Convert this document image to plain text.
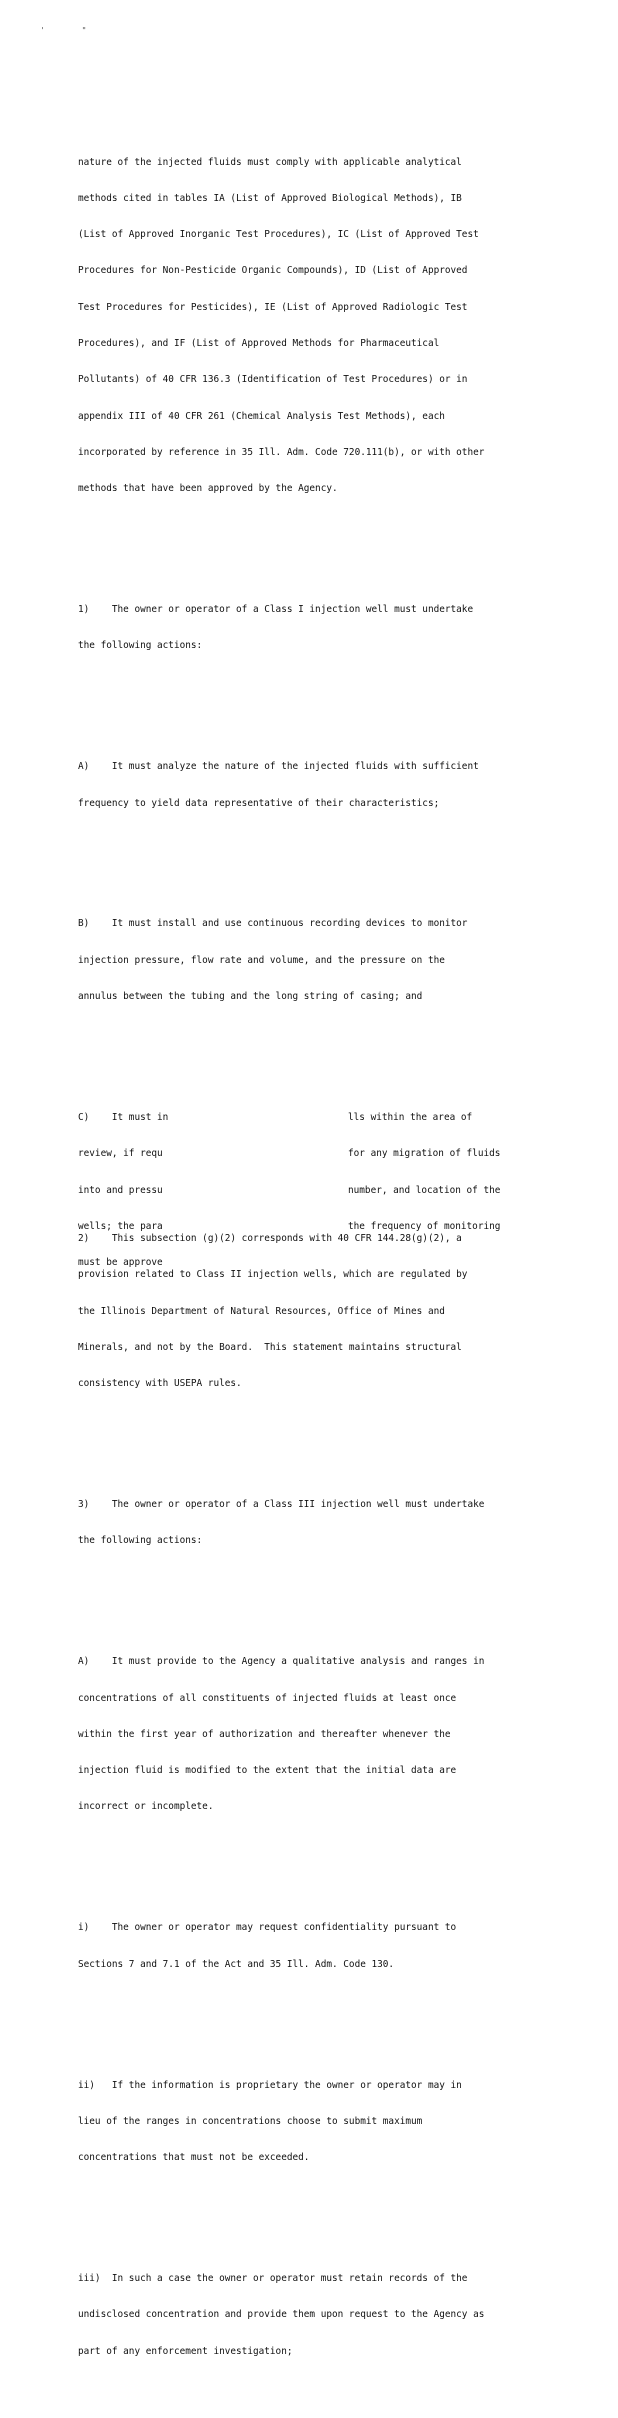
'	"

nature of the injected fluids must comply with applicable analytical

methods cited in tables IA (List of Approved Biological Methods), IB

(List of Approved Inorganic Test Procedures), IC (List of Approved Test

Procedures for Non-Pesticide Organic Compounds), ID (List of Approved

Test Procedures for Pesticides), IE (List of Approved Radiologic Test

Procedures), and IF (List of Approved Methods for Pharmaceutical

Pollutants) of 40 CFR 136.3 (Identification of Test Procedures) or in

appendix III of 40 CFR 261 (Chemical Analysis Test Methods), each

incorporated by reference in 35 Ill. Adm. Code 720.111(b), or with other

methods that have been approved by the Agency.

1)    The owner or operator of a Class I injection well must undertake

the following actions:

A)    It must analyze the nature of the injected fluids with sufficient

frequency to yield data representative of their characteristics;

B)    It must install and use continuous recording devices to monitor

injection pressure, flow rate and volume, and the pressure on the

annulus between the tubing and the long string of casing; and

C)    It must in

review, if requ

into and pressu

wells; the para

must be approve

lls within the area of

for any migration of fluids

number, and location of the

the frequency of monitoring

2)    This subsection (g)(2) corresponds with 40 CFR 144.28(g)(2), a

provision related to Class II injection wells, which are regulated by

the Illinois Department of Natural Resources, Office of Mines and

Minerals, and not by the Board.  This statement maintains structural

consistency with USEPA rules.

3)    The owner or operator of a Class III injection well must undertake

the following actions:

A)    It must provide to the Agency a qualitative analysis and ranges in

concentrations of all constituents of injected fluids at least once

within the first year of authorization and thereafter whenever the

injection fluid is modified to the extent that the initial data are

incorrect or incomplete.

i)    The owner or operator may request confidentiality pursuant to

Sections 7 and 7.1 of the Act and 35 Ill. Adm. Code 130.

ii)   If the information is proprietary the owner or operator may in

lieu of the ranges in concentrations choose to submit maximum

concentrations that must not be exceeded.

iii)  In such a case the owner or operator must retain records of the

undisclosed concentration and provide them upon request to the Agency as

part of any enforcement investigation;
